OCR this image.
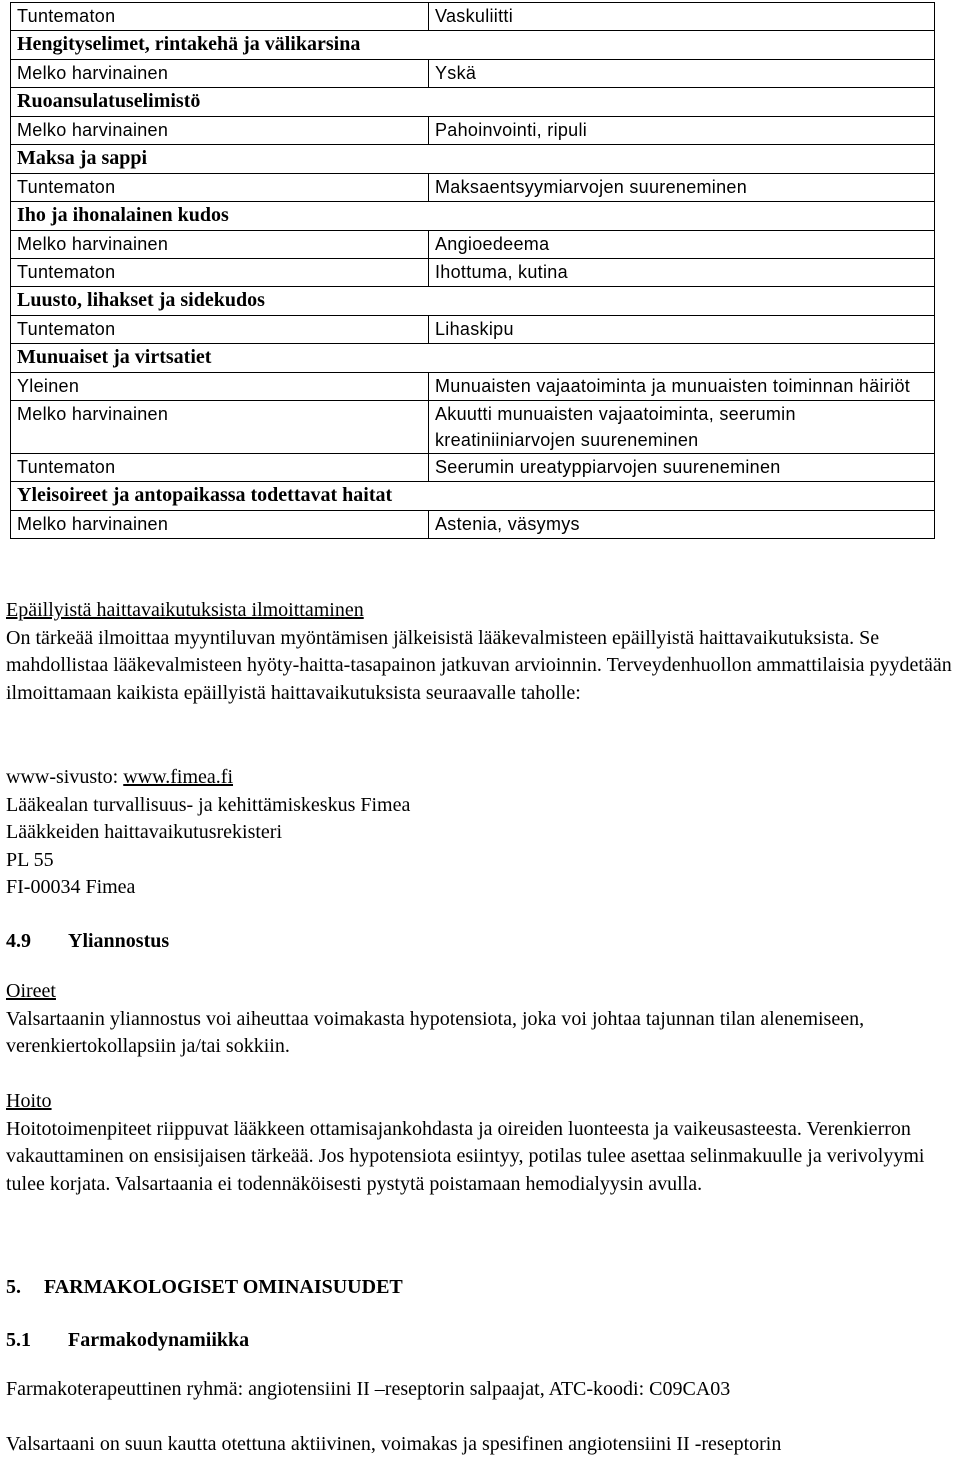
Tuntematon	Vaskuliitti
Hengityselimet, rintakehä ja välikarsina	
Melko harvinainen	Yskä
Ruoansulatuselimistö	
Melko harvinainen	Pahoinvointi, ripuli
Maksa ja sappi	
Tuntematon	Maksaentsyymiarvojen suureneminen
Iho ja ihonalainen kudos	
Melko harvinainen	Angioedeema
Tuntematon	Ihottuma, kutina
Luusto, lihakset ja sidekudos	
Tuntematon	Lihaskipu
Munuaiset ja virtsatiet	
Yleinen	Munuaisten vajaatoiminta ja munuaisten toiminnan häiriöt
Melko harvinainen	Akuutti munuaisten vajaatoiminta, seerumin kreatiniiniarvojen suureneminen
Tuntematon	Seerumin ureatyppiarvojen suureneminen
Yleisoireet ja antopaikassa todettavat haitat	
Melko harvinainen	Astenia, väsymys
Epäillyistä haittavaikutuksista ilmoittaminen
On tärkeää ilmoittaa myyntiluvan myöntämisen jälkeisistä lääkevalmisteen epäillyistä haittavaikutuksista. Se mahdollistaa lääkevalmisteen hyöty-haitta-tasapainon jatkuvan arvioinnin. Terveydenhuollon ammattilaisia pyydetään ilmoittamaan kaikista epäillyistä haittavaikutuksista seuraavalle taholle:
www-sivusto: www.fimea.fi
Lääkealan turvallisuus- ja kehittämiskeskus Fimea
Lääkkeiden haittavaikutusrekisteri
PL 55
FI-00034 Fimea
4.9 Yliannostus
Oireet
Valsartaanin yliannostus voi aiheuttaa voimakasta hypotensiota, joka voi johtaa tajunnan tilan alenemiseen, verenkiertokollapsiin ja/tai sokkiin.
Hoito
Hoitotoimenpiteet riippuvat lääkkeen ottamisajankohdasta ja oireiden luonteesta ja vaikeusasteesta. Verenkierron vakauttaminen on ensisijaisen tärkeää. Jos hypotensiota esiintyy, potilas tulee asettaa selinmakuulle ja verivolyymi tulee korjata. Valsartaania ei todennäköisesti pystytä poistamaan hemodialyysin avulla.
5. FARMAKOLOGISET OMINAISUUDET
5.1 Farmakodynamiikka
Farmakoterapeuttinen ryhmä: angiotensiini II –reseptorin salpaajat, ATC-koodi: C09CA03
Valsartaani on suun kautta otettuna aktiivinen, voimakas ja spesifinen angiotensiini II -reseptorin
